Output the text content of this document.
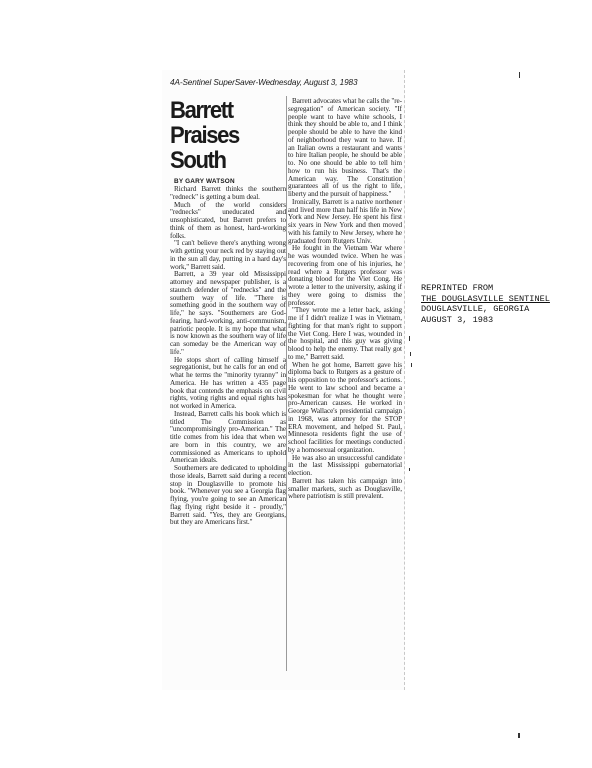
4A-Sentinel SuperSaver-Wednesday, August 3, 1983
Barrett
Praises
South
BY GARY WATSON

Richard Barrett thinks the southern "redneck" is getting a bum deal.

Much of the world considers "rednecks" uneducated and unsophisticated, but Barrett prefers to think of them as honest, hard-working folks.

"I can't believe there's anything wrong with getting your neck red by staying out in the sun all day, putting in a hard day's work," Barrett said.

Barrett, a 39 year old Mississippi attorney and newspaper publisher, is a staunch defender of "rednecks" and the southern way of life. "There is something good in the southern way of life," he says. "Southerners are God-fearing, hard-working, anti-communism, patriotic people. It is my hope that what is now known as the southern way of life can someday be the American way of life."

He stops short of calling himself a segregationist, but he calls for an end of what he terms the "minority tyranny" in America. He has written a 435 page book that contends the emphasis on civil rights, voting rights and equal rights has not worked in America.

Instead, Barrett calls his book which is titled The Commission as "uncompromisingly pro-American." The title comes from his idea that when we are born in this country, we are commissioned as Americans to uphold American ideals.

Southerners are dedicated to upholding those ideals, Barrett said during a recent stop in Douglasville to promote his book. "Whenever you see a Georgia flag flying, you're going to see an American flag flying right beside it - proudly," Barrett said. "Yes, they are Georgians, but they are Americans first."

Barrett advocates what he calls the "re-segregation" of American society. "If people want to have white schools, I think they should be able to, and I think people should be able to have the kind of neighborhood they want to have. If an Italian owns a restaurant and wants to hire Italian people, he should be able to. No one should be able to tell him how to run his business. That's the American way. The Constitution guarantees all of us the right to life, liberty and the pursuit of happiness."

Ironically, Barrett is a native northener and lived more than half his life in New York and New Jersey. He spent his first six years in New York and then moved with his family to New Jersey, where he graduated from Rutgers Univ.

He fought in the Vietnam War where he was wounded twice. When he was recovering from one of his injuries, he read where a Rutgers professor was donating blood for the Viet Cong. He wrote a letter to the university, asking if they were going to dismiss the professor.

"They wrote me a letter back, asking me if I didn't realize I was in Vietnam, fighting for that man's right to support the Viet Cong. Here I was, wounded in the hospital, and this guy was giving blood to help the enemy. That really got to me," Barrett said.

When he got home, Barrett gave his diploma back to Rutgers as a gesture of his opposition to the professor's actions. He went to law school and became a spokesman for what he thought were pro-American causes. He worked in George Wallace's presidential campaign in 1968, was attorney for the STOP ERA movement, and helped St. Paul, Minnesota residents fight the use of school facilities for meetings conducted by a homosexual organization.

He was also an unsuccessful candidate in the last Mississippi gubernatorial election.

Barrett has taken his campaign into smaller markets, such as Douglasville, where patriotism is still prevalent.

REPRINTED FROM
THE DOUGLASVILLE SENTINEL
DOUGLASVILLE, GEORGIA
AUGUST 3, 1983
